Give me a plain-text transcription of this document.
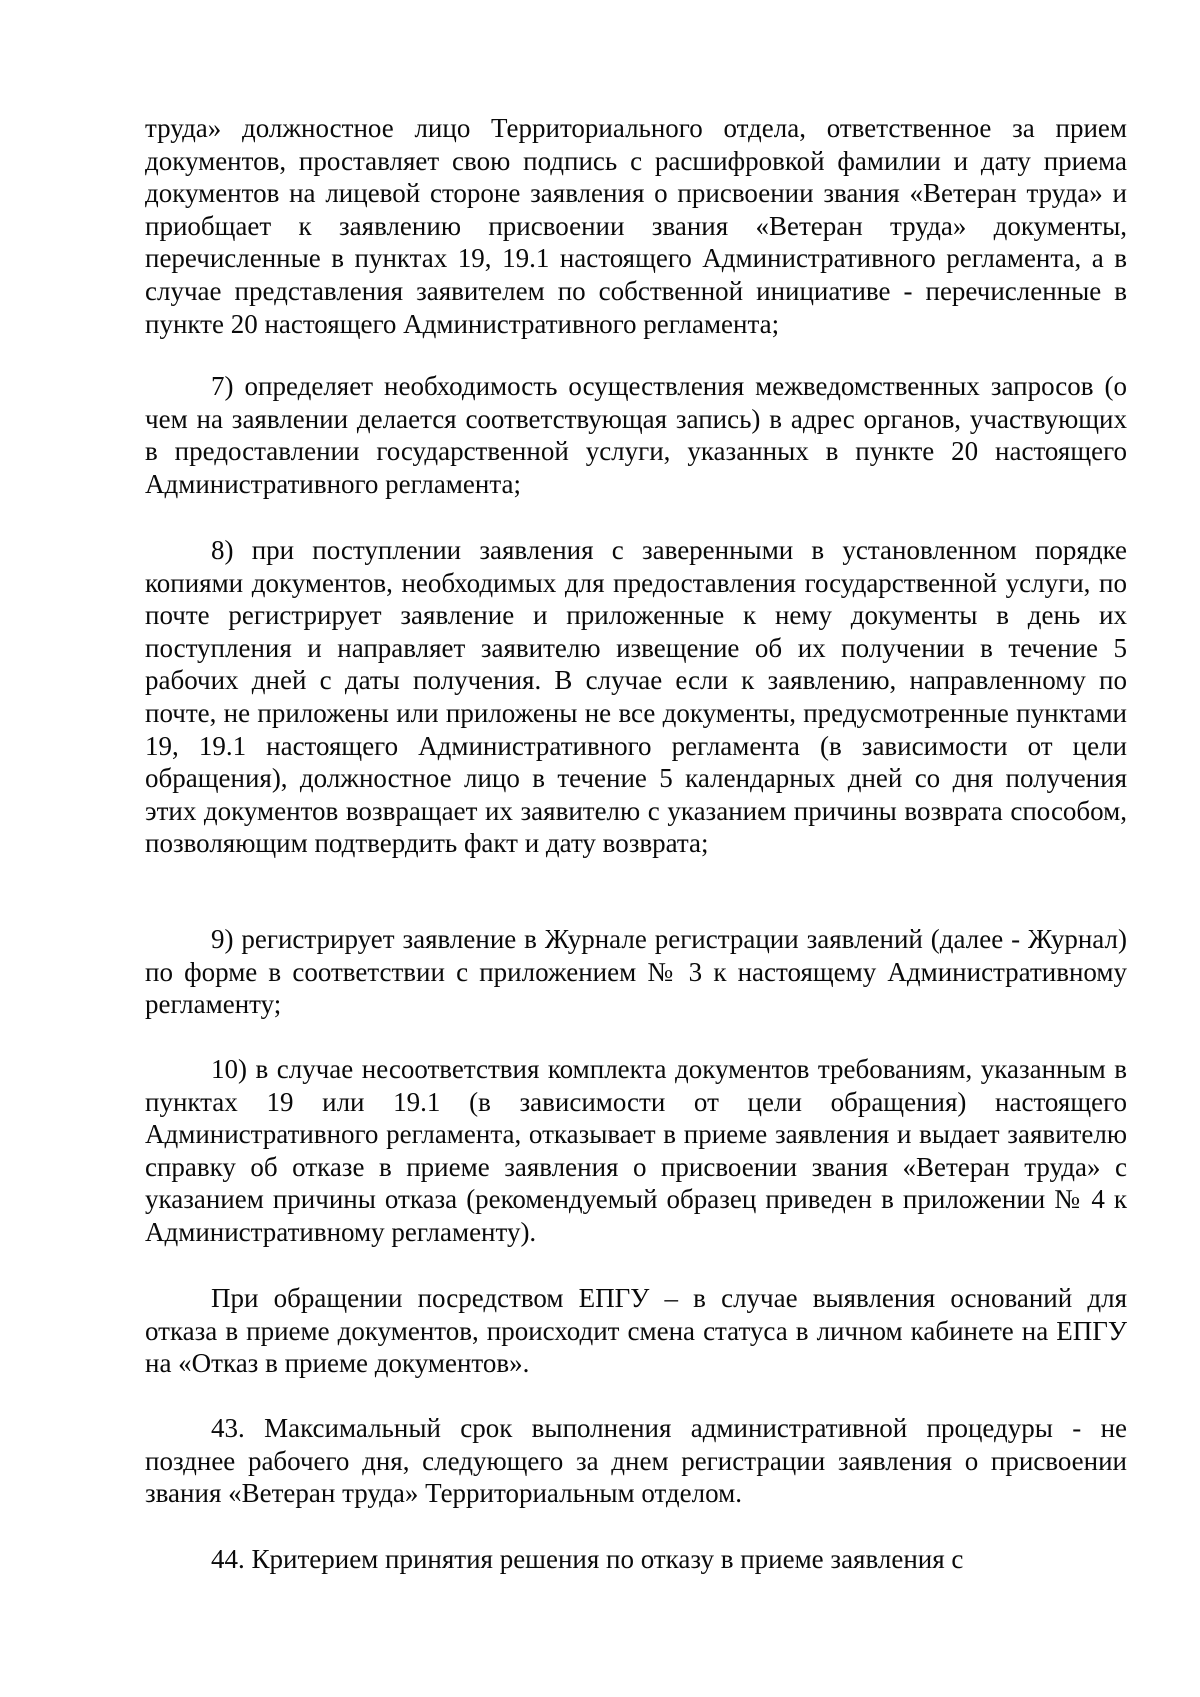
труда» должностное лицо Территориального отдела, ответственное за прием документов, проставляет свою подпись с расшифровкой фамилии и дату приема документов на лицевой стороне заявления о присвоении звания «Ветеран труда» и приобщает к заявлению присвоении звания «Ветеран труда» документы, перечисленные в пунктах 19, 19.1 настоящего Административного регламента, а в случае представления заявителем по собственной инициативе - перечисленные в пункте 20 настоящего Административного регламента;

7) определяет необходимость осуществления межведомственных запросов (о чем на заявлении делается соответствующая запись) в адрес органов, участвующих в предоставлении государственной услуги, указанных в пункте 20 настоящего Административного регламента;

8) при поступлении заявления с заверенными в установленном порядке копиями документов, необходимых для предоставления государственной услуги, по почте регистрирует заявление и приложенные к нему документы в день их поступления и направляет заявителю извещение об их получении в течение 5 рабочих дней с даты получения. В случае если к заявлению, направленному по почте, не приложены или приложены не все документы, предусмотренные пунктами 19, 19.1 настоящего Административного регламента (в зависимости от цели обращения), должностное лицо в течение 5 календарных дней со дня получения этих документов возвращает их заявителю с указанием причины возврата способом, позволяющим подтвердить факт и дату возврата;

9) регистрирует заявление в Журнале регистрации заявлений (далее - Журнал) по форме в соответствии с приложением № 3 к настоящему Административному регламенту;

10) в случае несоответствия комплекта документов требованиям, указанным в пунктах 19 или 19.1 (в зависимости от цели обращения) настоящего Административного регламента, отказывает в приеме заявления и выдает заявителю справку об отказе в приеме заявления о присвоении звания «Ветеран труда» с указанием причины отказа (рекомендуемый образец приведен в приложении № 4 к Административному регламенту).

При обращении посредством ЕПГУ – в случае выявления оснований для отказа в приеме документов, происходит смена статуса в личном кабинете на ЕПГУ на «Отказ в приеме документов».

43. Максимальный срок выполнения административной процедуры - не позднее рабочего дня, следующего за днем регистрации заявления о присвоении звания «Ветеран труда» Территориальным отделом.

44. Критерием принятия решения по отказу в приеме заявления с
